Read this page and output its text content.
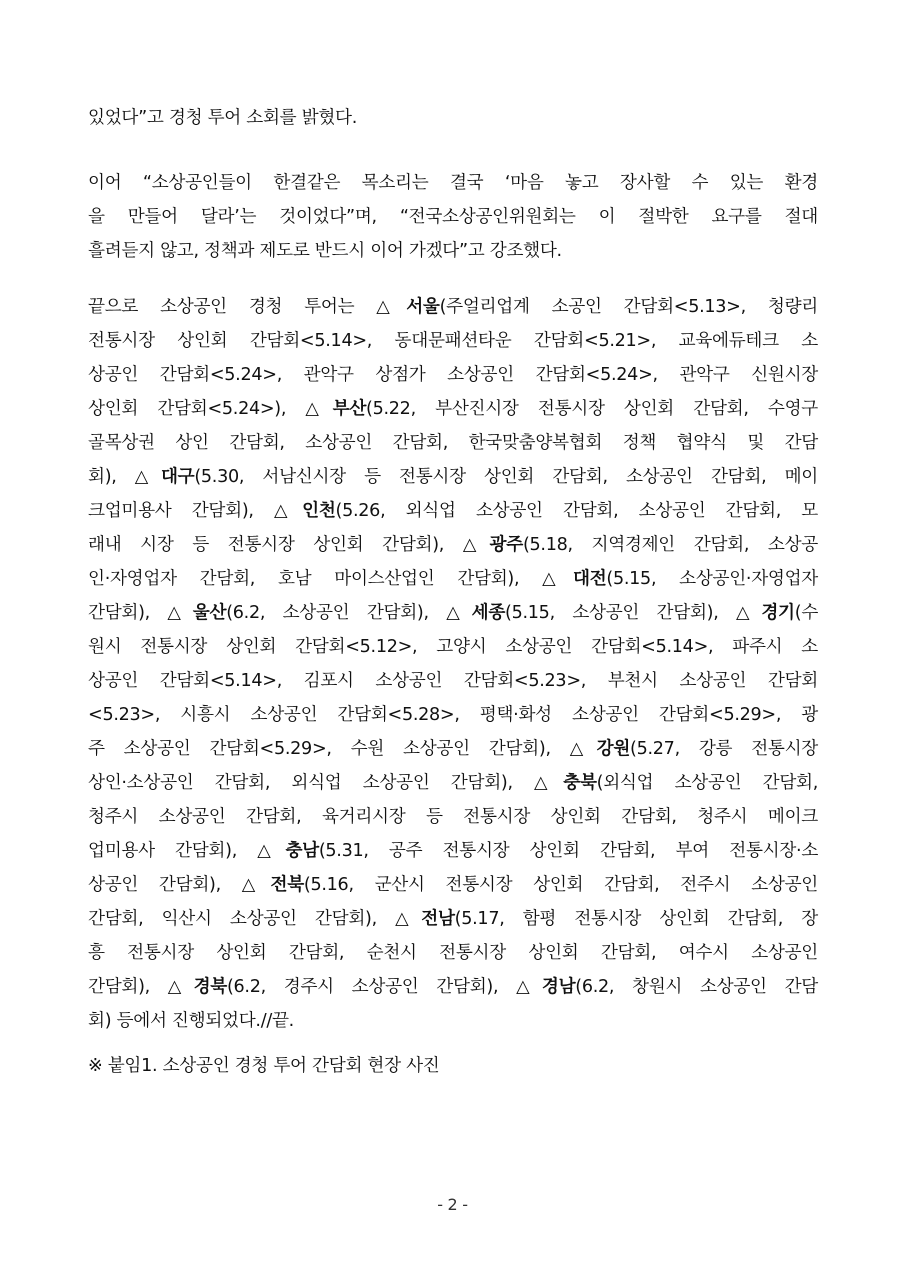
있었다”고 경청 투어 소회를 밝혔다.
이어 “소상공인들이 한결같은 목소리는 결국 ‘마음 놓고 장사할 수 있는 환경
을 만들어 달라’는 것이었다”며, “전국소상공인위원회는 이 절박한 요구를 절대
흘려듣지 않고, 정책과 제도로 반드시 이어 가겠다”고 강조했다.
끝으로 소상공인 경청 투어는 △서울(주얼리업계 소공인 간담회<5.13>, 청량리
전통시장 상인회 간담회<5.14>, 동대문패션타운 간담회<5.21>, 교육에듀테크 소
상공인 간담회<5.24>, 관악구 상점가 소상공인 간담회<5.24>, 관악구 신원시장
상인회 간담회<5.24>), △부산(5.22, 부산진시장 전통시장 상인회 간담회, 수영구
골목상권 상인 간담회, 소상공인 간담회, 한국맞춤양복협회 정책 협약식 및 간담
회), △대구(5.30, 서남신시장 등 전통시장 상인회 간담회, 소상공인 간담회, 메이
크업미용사 간담회), △인천(5.26, 외식업 소상공인 간담회, 소상공인 간담회, 모
래내 시장 등 전통시장 상인회 간담회), △광주(5.18, 지역경제인 간담회, 소상공
인·자영업자 간담회, 호남 마이스산업인 간담회), △대전(5.15, 소상공인·자영업자
간담회), △울산(6.2, 소상공인 간담회), △세종(5.15, 소상공인 간담회), △경기(수
원시 전통시장 상인회 간담회<5.12>, 고양시 소상공인 간담회<5.14>, 파주시 소
상공인 간담회<5.14>, 김포시 소상공인 간담회<5.23>, 부천시 소상공인 간담회
<5.23>, 시흥시 소상공인 간담회<5.28>, 평택·화성 소상공인 간담회<5.29>, 광
주 소상공인 간담회<5.29>, 수원 소상공인 간담회), △강원(5.27, 강릉 전통시장
상인·소상공인 간담회, 외식업 소상공인 간담회), △충북(외식업 소상공인 간담회,
청주시 소상공인 간담회, 육거리시장 등 전통시장 상인회 간담회, 청주시 메이크
업미용사 간담회), △충남(5.31, 공주 전통시장 상인회 간담회, 부여 전통시장·소
상공인 간담회), △전북(5.16, 군산시 전통시장 상인회 간담회, 전주시 소상공인
간담회, 익산시 소상공인 간담회), △전남(5.17, 함평 전통시장 상인회 간담회, 장
흥 전통시장 상인회 간담회, 순천시 전통시장 상인회 간담회, 여수시 소상공인
간담회), △경북(6.2, 경주시 소상공인 간담회), △경남(6.2, 창원시 소상공인 간담
회) 등에서 진행되었다.//끝.
※ 붙임1. 소상공인 경청 투어 간담회 현장 사진
- 2 -
